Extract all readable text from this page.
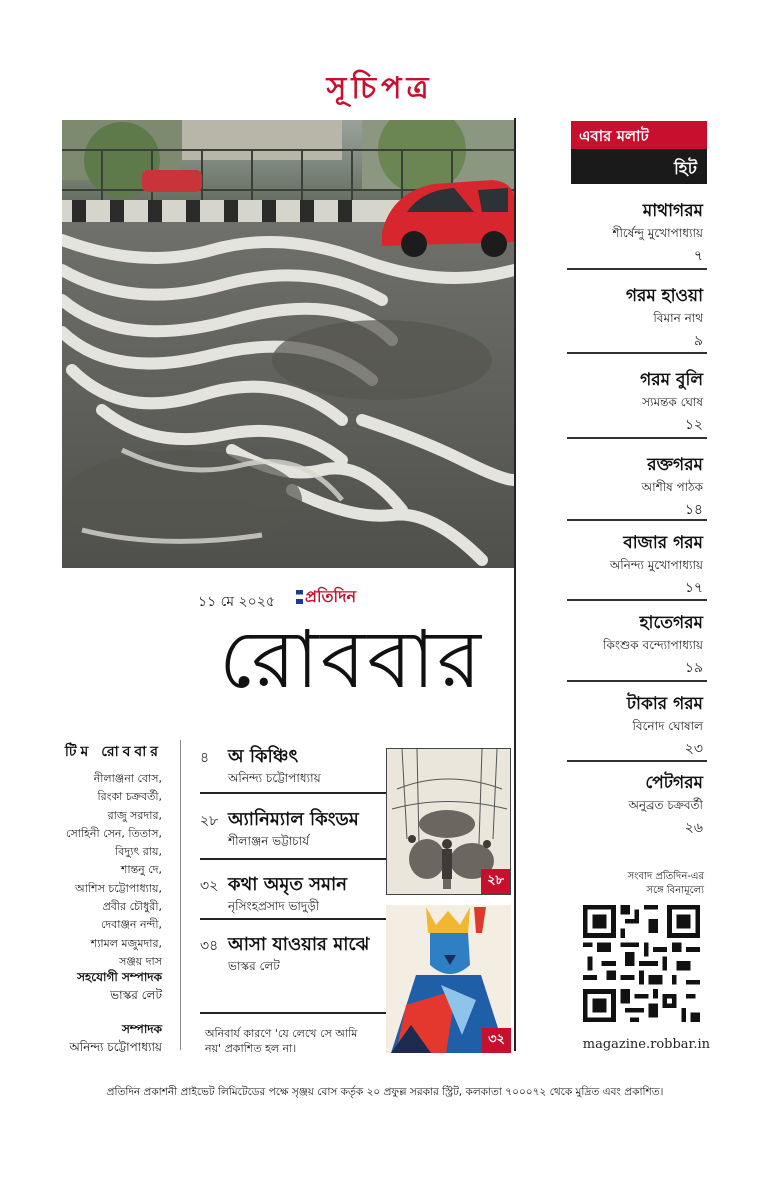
সূচিপত্র
১১ মে ২০২৫	প্রতিদিন
রোববার
এবার মলাট
হিট
মাথাগরম
শীর্ষেন্দু মুখোপাধ্যায়
৭
গরম হাওয়া
বিমান নাথ
৯
গরম বুলি
স্যমন্তক ঘোষ
১২
রক্তগরম
আশীষ পাঠক
১৪
বাজার গরম
অনিন্দ্য মুখোপাধ্যায়
১৭
হাতেগরম
কিংশুক বন্দ্যোপাধ্যায়
১৯
টাকার গরম
বিনোদ ঘোষাল
২৩
পেটগরম
অনুব্রত চক্রবর্তী
২৬
টিম রোববার
নীলাঞ্জনা বোস,
রিংকা চক্রবর্তী,
রাজু সরদার,
সোহিনী সেন, তিতাস,
বিদ্যুৎ রায়,
শান্তনু দে,
আশিস চট্টোপাধ্যায়,
প্রবীর চৌধুরী,
দেবাঞ্জন নন্দী,
শ্যামল মজুমদার,
সঞ্জয় দাস
সহযোগী সম্পাদক
ভাস্কর লেট
সম্পাদক
অনিন্দ্য চট্টোপাধ্যায়
৪ অ কিঞ্চিৎ
অনিন্দ্য চট্টোপাধ্যায়
২৮ অ্যানিম্যাল কিংডম
শীলাঞ্জন ভট্টাচার্য
৩২ কথা অমৃত সমান
নৃসিংহপ্রসাদ ভাদুড়ী
৩৪ আসা যাওয়ার মাঝে
ভাস্কর লেট
অনিবার্য কারণে 'যে লেখে সে আমি নয়' প্রকাশিত হল না।
২৮
৩২
সংবাদ প্রতিদিন-এর
সঙ্গে বিনামূল্যে
magazine.robbar.in
প্রতিদিন প্রকাশনী প্রাইভেট লিমিটেডের পক্ষে সৃঞ্জয় বোস কর্তৃক ২০ প্রফুল্ল সরকার স্ট্রিট, কলকাতা ৭০০০৭২ থেকে মুদ্রিত এবং প্রকাশিত।
